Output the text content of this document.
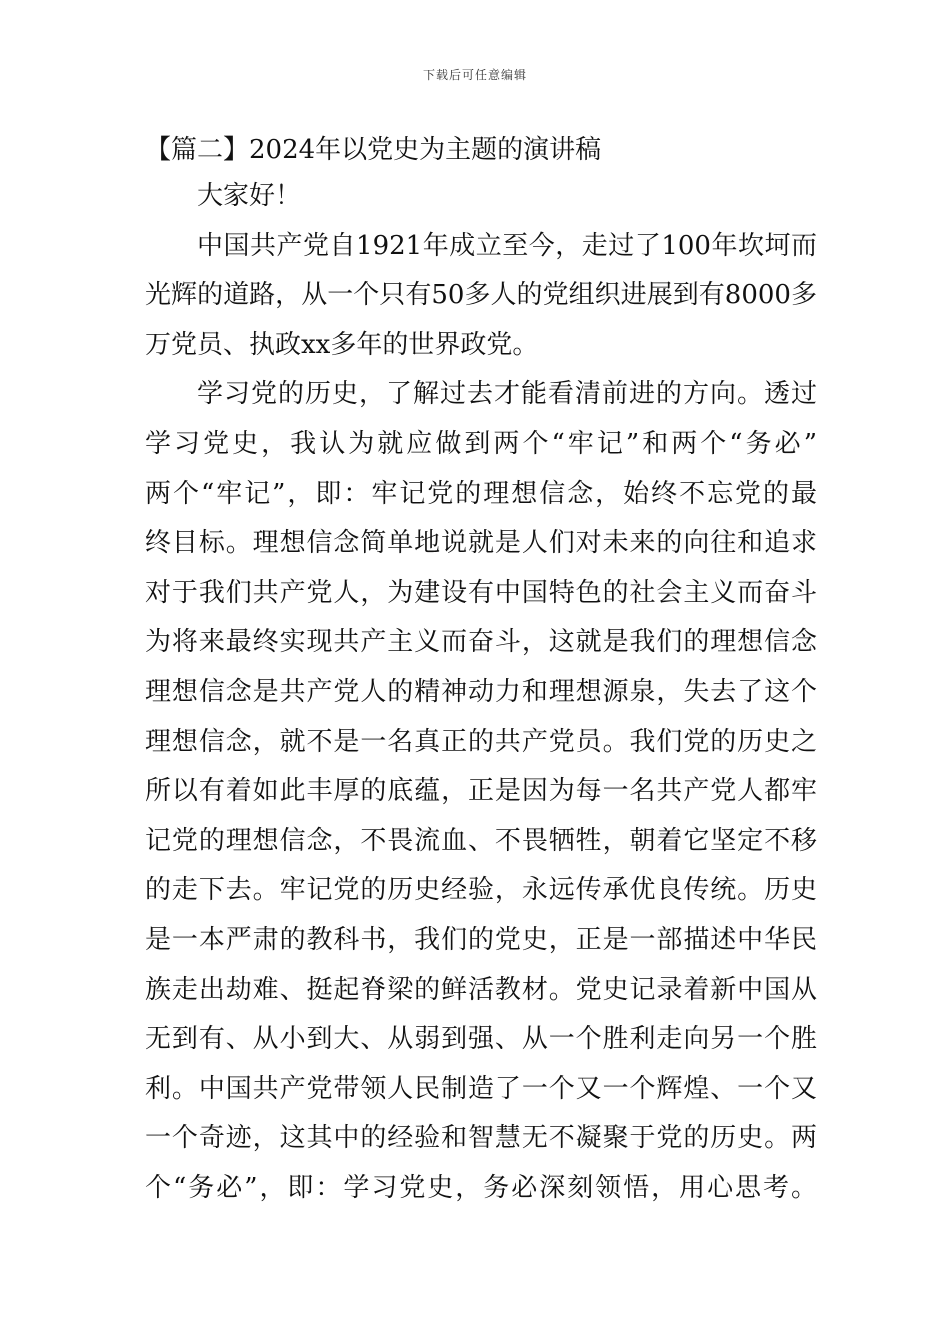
下载后可任意编辑
【篇二】2024年以党史为主题的演讲稿
大家好！
中国共产党自1921年成立至今，走过了100年坎坷而
光辉的道路，从一个只有50多人的党组织进展到有8000多
万党员、执政xx多年的世界政党。
学习党的历史，了解过去才能看清前进的方向。透过
学习党史，我认为就应做到两个“牢记”和两个“务必”
两个“牢记”，即：牢记党的理想信念，始终不忘党的最
终目标。理想信念简单地说就是人们对未来的向往和追求
对于我们共产党人，为建设有中国特色的社会主义而奋斗
为将来最终实现共产主义而奋斗，这就是我们的理想信念
理想信念是共产党人的精神动力和理想源泉，失去了这个
理想信念，就不是一名真正的共产党员。我们党的历史之
所以有着如此丰厚的底蕴，正是因为每一名共产党人都牢
记党的理想信念，不畏流血、不畏牺牲，朝着它坚定不移
的走下去。牢记党的历史经验，永远传承优良传统。历史
是一本严肃的教科书，我们的党史，正是一部描述中华民
族走出劫难、挺起脊梁的鲜活教材。党史记录着新中国从
无到有、从小到大、从弱到强、从一个胜利走向另一个胜
利。中国共产党带领人民制造了一个又一个辉煌、一个又
一个奇迹，这其中的经验和智慧无不凝聚于党的历史。两
个“务必”，即：学习党史，务必深刻领悟，用心思考。
